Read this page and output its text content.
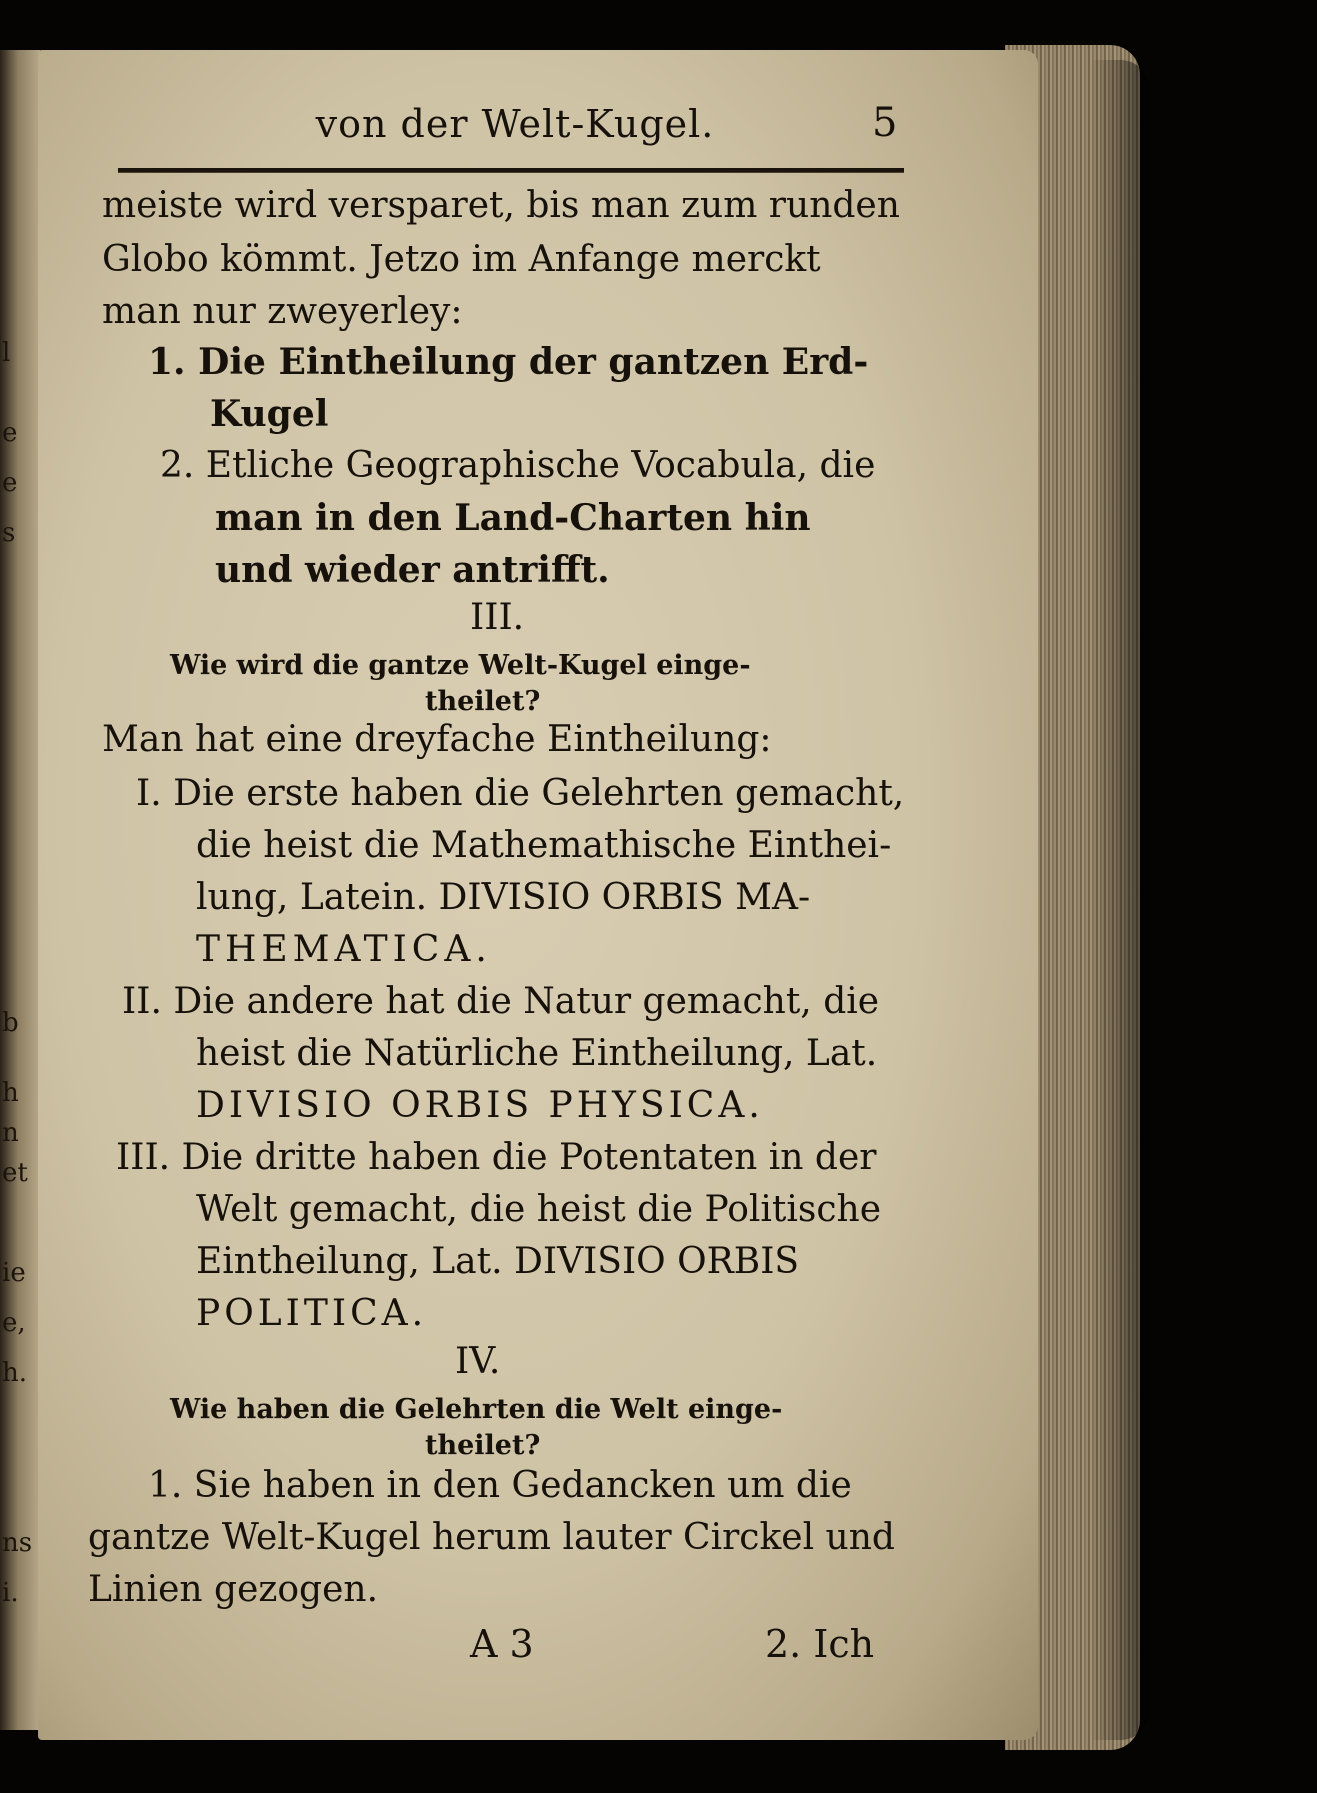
l
e
e
s
b
h
n
et
ie
e,
h.
ns
i.
von der Welt-Kugel.	5
meiste wird versparet, bis man zum runden
Globo kömmt. Jetzo im Anfange merckt
man nur zweyerley:
1. Die Eintheilung der gantzen Erd-
Kugel
2. Etliche Geographische Vocabula, die
man in den Land-Charten hin
und wieder antrifft.
III.
Wie wird die gantze Welt-Kugel einge-
theilet?
Man hat eine dreyfache Eintheilung:
I. Die erste haben die Gelehrten gemacht,
die heist die Mathemathische Einthei-
lung, Latein. DIVISIO ORBIS MA-
THEMATICA.
II. Die andere hat die Natur gemacht, die
heist die Natürliche Eintheilung, Lat.
DIVISIO ORBIS PHYSICA.
III. Die dritte haben die Potentaten in der
Welt gemacht, die heist die Politische
Eintheilung, Lat. DIVISIO ORBIS
POLITICA.
IV.
Wie haben die Gelehrten die Welt einge-
theilet?
1. Sie haben in den Gedancken um die
gantze Welt-Kugel herum lauter Circkel und
Linien gezogen.
A 3	2. Ich
